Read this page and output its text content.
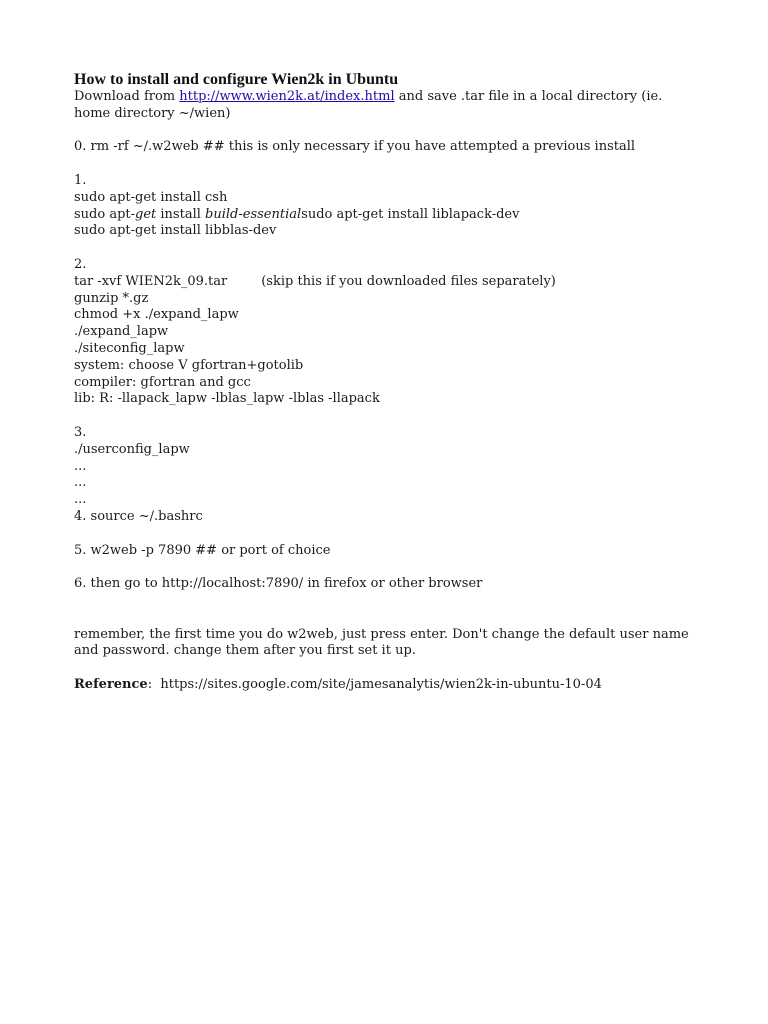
How to install and configure Wien2k in Ubuntu
Download from http://www.wien2k.at/index.html and save .tar file in a local directory (ie. home directory ~/wien)
0. rm -rf ~/.w2web ## this is only necessary if you have attempted a previous install
1.
sudo apt-get install csh
sudo apt-get install build-essentialsudo apt-get install liblapack-dev
sudo apt-get install libblas-dev
2.
tar -xvf WIEN2k_09.tar	(skip this if you downloaded files separately)
gunzip *.gz
chmod +x ./expand_lapw
./expand_lapw
./siteconfig_lapw
system: choose V gfortran+gotolib
compiler: gfortran and gcc
lib: R: -llapack_lapw -lblas_lapw -lblas -llapack
3.
./userconfig_lapw
...
...
...
4. source ~/.bashrc
5. w2web -p 7890 ## or port of choice
6. then go to http://localhost:7890/ in firefox or other browser
remember, the first time you do w2web, just press enter. Don't change the default user name and password. change them after you first set it up.
Reference:  https://sites.google.com/site/jamesanalytis/wien2k-in-ubuntu-10-04
